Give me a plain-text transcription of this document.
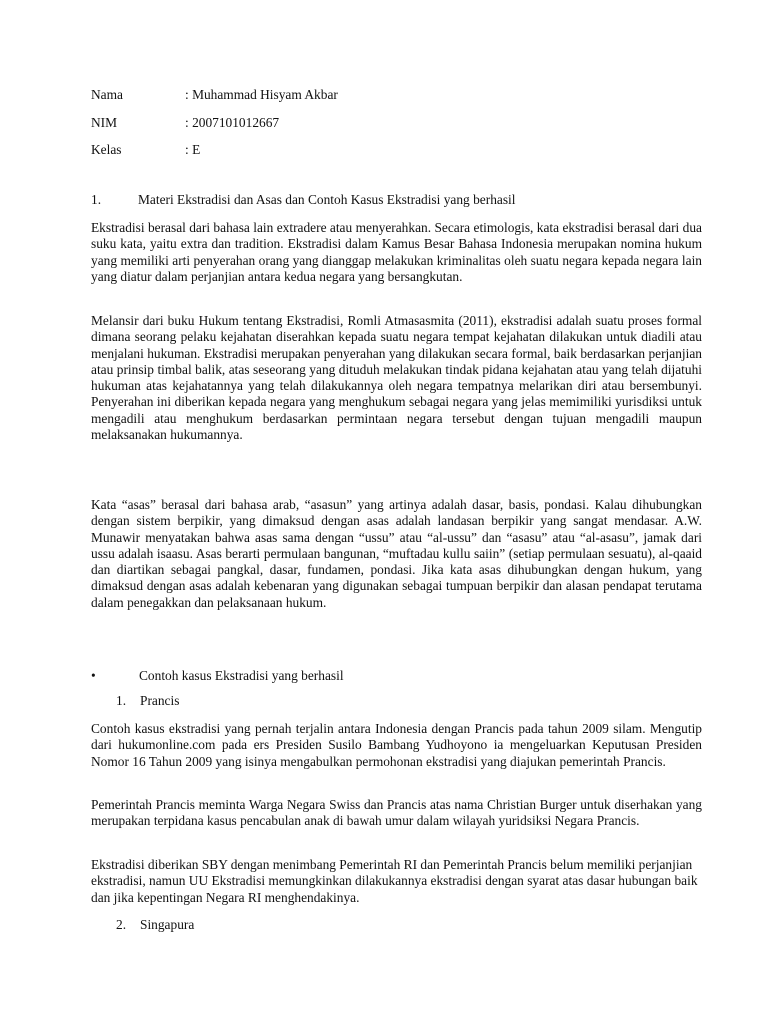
Nama	: Muhammad Hisyam Akbar
NIM	: 2007101012667
Kelas	: E
1.	Materi Ekstradisi dan Asas dan Contoh Kasus Ekstradisi yang berhasil

Ekstradisi berasal dari bahasa lain extradere atau menyerahkan. Secara etimologis, kata ekstradisi berasal dari dua suku kata, yaitu extra dan tradition. Ekstradisi dalam Kamus Besar Bahasa Indonesia merupakan nomina hukum yang memiliki arti penyerahan orang yang dianggap melakukan kriminalitas oleh suatu negara kepada negara lain yang diatur dalam perjanjian antara kedua negara yang bersangkutan.

Melansir dari buku Hukum tentang Ekstradisi, Romli Atmasasmita (2011), ekstradisi adalah suatu proses formal dimana seorang pelaku kejahatan diserahkan kepada suatu negara tempat kejahatan dilakukan untuk diadili atau menjalani hukuman. Ekstradisi merupakan penyerahan yang dilakukan secara formal, baik berdasarkan perjanjian atau prinsip timbal balik, atas seseorang yang dituduh melakukan tindak pidana kejahatan atau yang telah dijatuhi hukuman atas kejahatannya yang telah dilakukannya oleh negara tempatnya melarikan diri atau bersembunyi. Penyerahan ini diberikan kepada negara yang menghukum sebagai negara yang jelas memimiliki yurisdiksi untuk mengadili atau menghukum berdasarkan permintaan negara tersebut dengan tujuan mengadili maupun melaksanakan hukumannya.

Kata “asas” berasal dari bahasa arab, “asasun” yang artinya adalah dasar, basis, pondasi. Kalau dihubungkan dengan sistem berpikir, yang dimaksud dengan asas adalah landasan berpikir yang sangat mendasar. A.W. Munawir menyatakan bahwa asas sama dengan “ussu” atau “al-ussu” dan “asasu” atau “al-asasu”, jamak dari ussu adalah isaasu. Asas berarti permulaan bangunan, “muftadau kullu saiin” (setiap permulaan sesuatu), al-qaaid dan diartikan sebagai pangkal, dasar, fundamen, pondasi. Jika kata asas dihubungkan dengan hukum, yang dimaksud dengan asas adalah kebenaran yang digunakan sebagai tumpuan berpikir dan alasan pendapat terutama dalam penegakkan dan pelaksanaan hukum.

•	Contoh kasus Ekstradisi yang berhasil
1. Prancis

Contoh kasus ekstradisi yang pernah terjalin antara Indonesia dengan Prancis pada tahun 2009 silam. Mengutip dari hukumonline.com pada ers Presiden Susilo Bambang Yudhoyono ia mengeluarkan Keputusan Presiden Nomor 16 Tahun 2009 yang isinya mengabulkan permohonan ekstradisi yang diajukan pemerintah Prancis.

Pemerintah Prancis meminta Warga Negara Swiss dan Prancis atas nama Christian Burger untuk diserhakan yang merupakan terpidana kasus pencabulan anak di bawah umur dalam wilayah yuridsiksi Negara Prancis.

Ekstradisi diberikan SBY dengan menimbang Pemerintah RI dan Pemerintah Prancis belum memiliki perjanjian ekstradisi, namun UU Ekstradisi memungkinkan dilakukannya ekstradisi dengan syarat atas dasar hubungan baik dan jika kepentingan Negara RI menghendakinya.

2. Singapura
